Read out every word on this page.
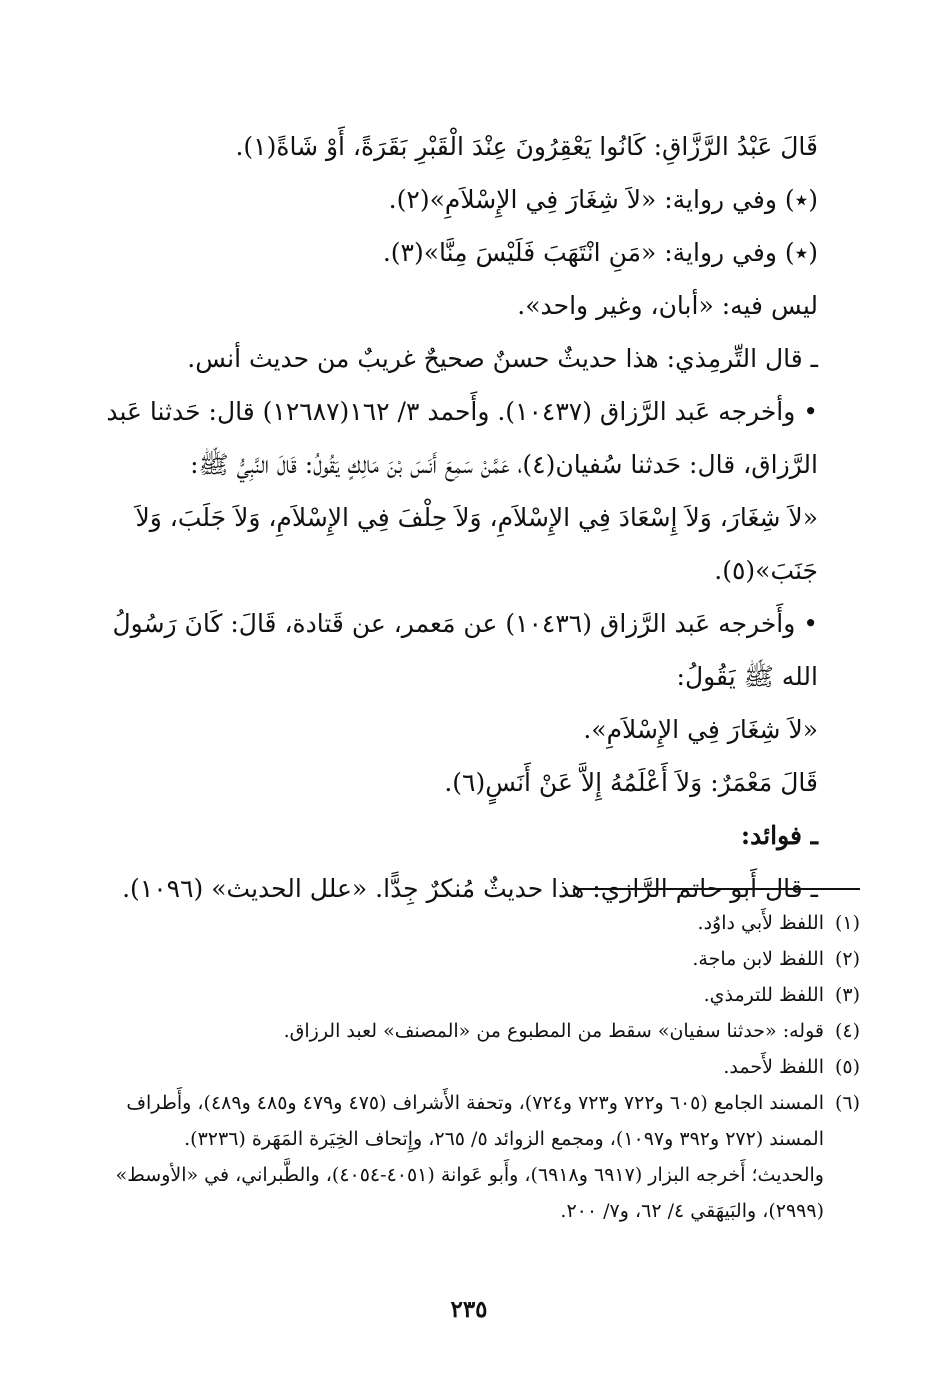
قَالَ عَبْدُ الرَّزَّاقِ: كَانُوا يَعْقِرُونَ عِنْدَ الْقَبْرِ بَقَرَةً، أَوْ شَاةً(١).

(٭) وفي رواية: «لاَ شِغَارَ فِي الإِسْلاَمِ»(٢).

(٭) وفي رواية: «مَنِ انْتَهَبَ فَلَيْسَ مِنَّا»(٣).

ليس فيه: «أبان، وغير واحد».

ـ قال التِّرمِذي: هذا حديثٌ حسنٌ صحيحٌ غريبٌ من حديث أنس.

• وأخرجه عَبد الرَّزاق (١٠٤٣٧). وأَحمد ٣/ ١٦٢(١٢٦٨٧) قال: حَدثنا عَبد الرَّزاق، قال: حَدثنا سُفيان(٤)، عَمَّنْ سَمِعَ أَنَسَ بْنَ مَالِكٍ يَقُولُ: قَالَ النَّبِيُّ ﷺ:

«لاَ شِغَارَ، وَلاَ إِسْعَادَ فِي الإِسْلاَمِ، وَلاَ حِلْفَ فِي الإِسْلاَمِ، وَلاَ جَلَبَ، وَلاَ جَنَبَ»(٥).

• وأَخرجه عَبد الرَّزاق (١٠٤٣٦) عن مَعمر، عن قَتادة، قَالَ: كَانَ رَسُولُ الله ﷺ يَقُولُ:

«لاَ شِغَارَ فِي الإِسْلاَمِ».

قَالَ مَعْمَرٌ: وَلاَ أَعْلَمُهُ إِلاَّ عَنْ أَنَسٍ(٦).

ـ فوائد:

ـ قال أَبو حاتم الرَّازي: هذا حديثٌ مُنكرٌ جِدًّا. «علل الحديث» (١٠٩٦).

(١)
اللفظ لأَبي داوُد.
(٢)
اللفظ لابن ماجة.
(٣)
اللفظ للترمذي.
(٤)
قوله: «حدثنا سفيان» سقط من المطبوع من «المصنف» لعبد الرزاق.
(٥)
اللفظ لأَحمد.
(٦)
المسند الجامع (٦٠٥ و٧٢٢ و٧٢٣ و٧٢٤)، وتحفة الأَشراف (٤٧٥ و٤٧٩ و٤٨٥ و٤٨٩)، وأَطراف المسند (٢٧٢ و٣٩٢ و١٠٩٧)، ومجمع الزوائد ٥/ ٢٦٥، وإِتحاف الخِيَرة المَهَرة (٣٢٣٦).
والحديث؛ أَخرجه البزار (٦٩١٧ و٦٩١٨)، وأَبو عَوانة (٤٠٥١-٤٠٥٤)، والطَّبراني، في «الأوسط» (٢٩٩٩)، والبَيهَقي ٤/ ٦٢، و٧/ ٢٠٠.
٢٣٥
